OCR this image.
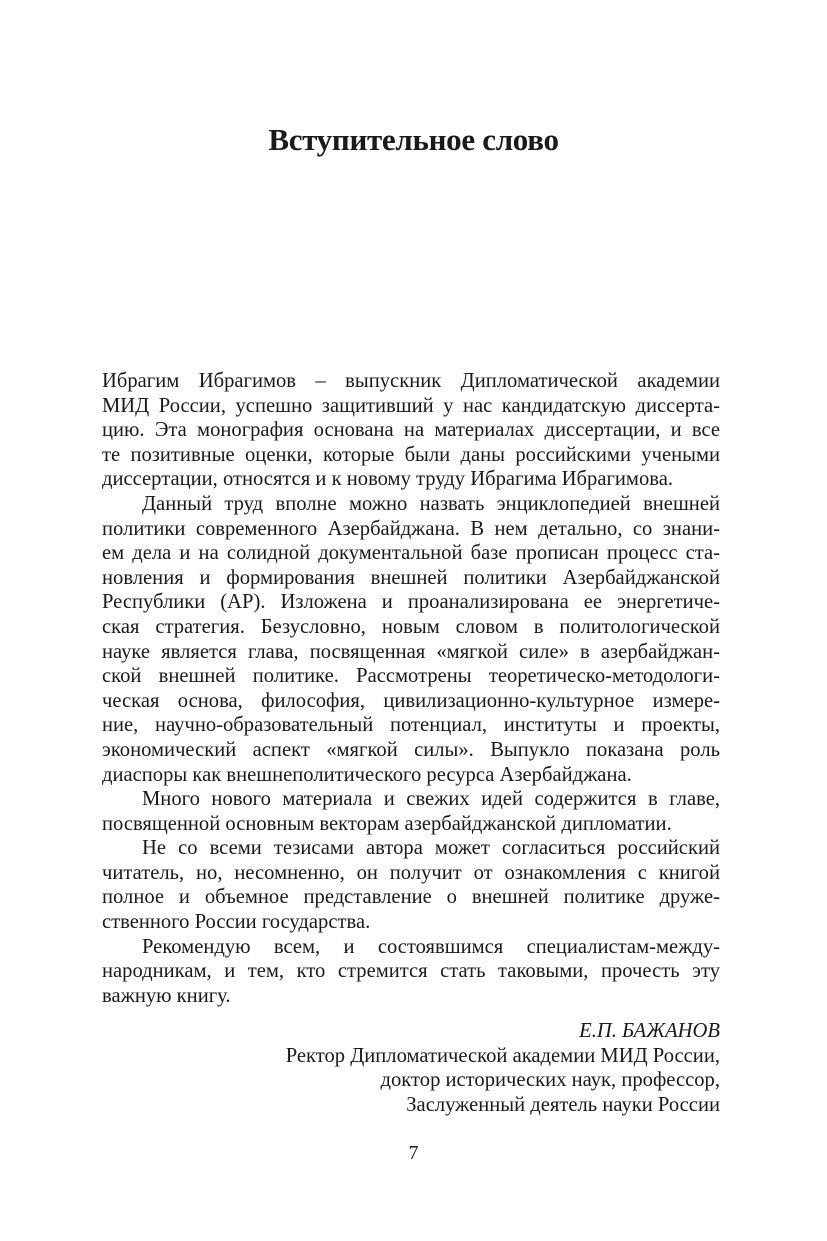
Вступительное слово
Ибрагим Ибрагимов – выпускник Дипломатической академии
МИД России, успешно защитивший у нас кандидатскую диссерта-
цию. Эта монография основана на материалах диссертации, и все
те позитивные оценки, которые были даны российскими учеными
диссертации, относятся и к новому труду Ибрагима Ибрагимова.
Данный труд вполне можно назвать энциклопедией внешней
политики современного Азербайджана. В нем детально, со знани-
ем дела и на солидной документальной базе прописан процесс ста-
новления и формирования внешней политики Азербайджанской
Республики (АР). Изложена и проанализирована ее энергетиче-
ская стратегия. Безусловно, новым словом в политологической
науке является глава, посвященная «мягкой силе» в азербайджан-
ской внешней политике. Рассмотрены теоретическо-методологи-
ческая основа, философия, цивилизационно-культурное измере-
ние, научно-образовательный потенциал, институты и проекты,
экономический аспект «мягкой силы». Выпукло показана роль
диаспоры как внешнеполитического ресурса Азербайджана.
Много нового материала и свежих идей содержится в главе,
посвященной основным векторам азербайджанской дипломатии.
Не со всеми тезисами автора может согласиться российский
читатель, но, несомненно, он получит от ознакомления с книгой
полное и объемное представление о внешней политике друже-
ственного России государства.
Рекомендую всем, и состоявшимся специалистам-между-
народникам, и тем, кто стремится стать таковыми, прочесть эту
важную книгу.
Е.П. БАЖАНОВ
Ректор Дипломатической академии МИД России,
доктор исторических наук, профессор,
Заслуженный деятель науки России
7
